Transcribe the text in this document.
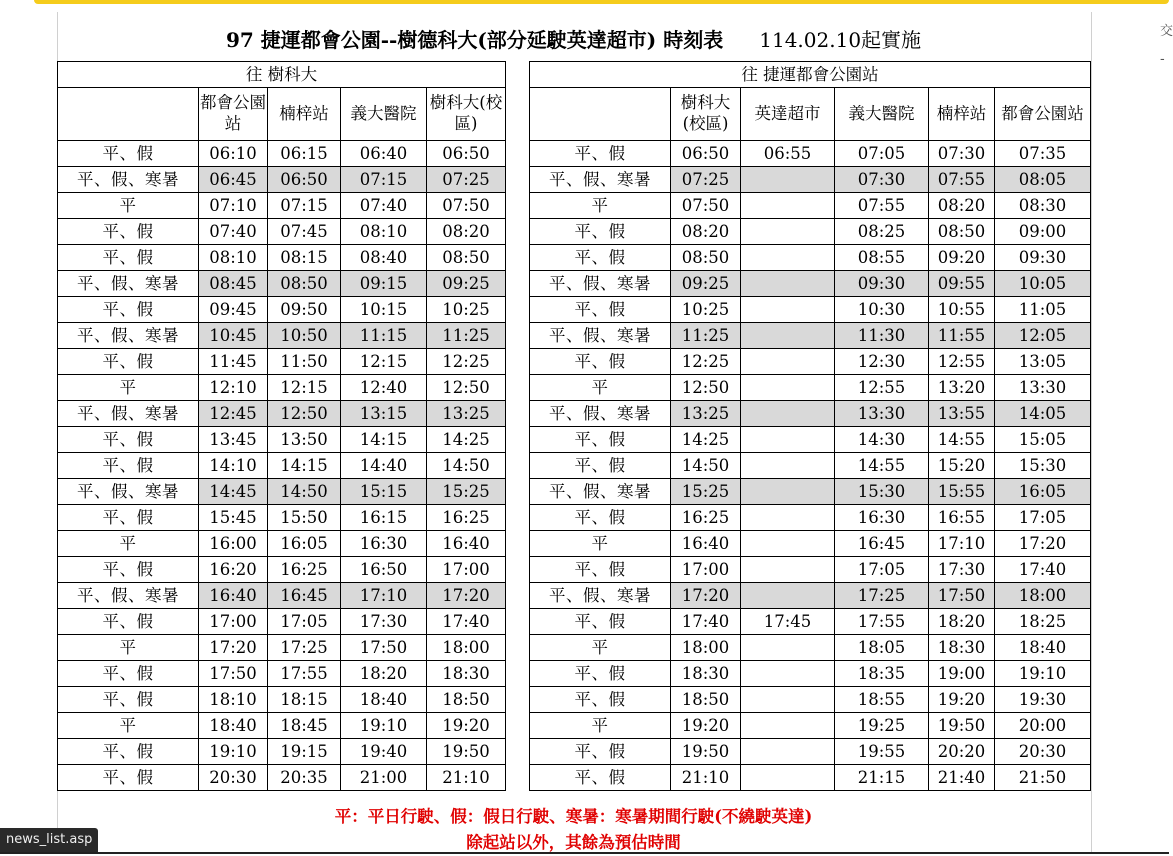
交
-
97 捷運都會公園--樹德科大(部分延駛英達超市) 時刻表 114.02.10起實施
往 樹科大						往 捷運都會公園站					
	都會公園站	楠梓站	義大醫院	樹科大(校區)			樹科大(校區)	英達超市	義大醫院	楠梓站	都會公園站
平、假	06:10	06:15	06:40	06:50		平、假	06:50	06:55	07:05	07:30	07:35
平、假、寒暑	06:45	06:50	07:15	07:25		平、假、寒暑	07:25		07:30	07:55	08:05
平	07:10	07:15	07:40	07:50		平	07:50		07:55	08:20	08:30
平、假	07:40	07:45	08:10	08:20		平、假	08:20		08:25	08:50	09:00
平、假	08:10	08:15	08:40	08:50		平、假	08:50		08:55	09:20	09:30
平、假、寒暑	08:45	08:50	09:15	09:25		平、假、寒暑	09:25		09:30	09:55	10:05
平、假	09:45	09:50	10:15	10:25		平、假	10:25		10:30	10:55	11:05
平、假、寒暑	10:45	10:50	11:15	11:25		平、假、寒暑	11:25		11:30	11:55	12:05
平、假	11:45	11:50	12:15	12:25		平、假	12:25		12:30	12:55	13:05
平	12:10	12:15	12:40	12:50		平	12:50		12:55	13:20	13:30
平、假、寒暑	12:45	12:50	13:15	13:25		平、假、寒暑	13:25		13:30	13:55	14:05
平、假	13:45	13:50	14:15	14:25		平、假	14:25		14:30	14:55	15:05
平、假	14:10	14:15	14:40	14:50		平、假	14:50		14:55	15:20	15:30
平、假、寒暑	14:45	14:50	15:15	15:25		平、假、寒暑	15:25		15:30	15:55	16:05
平、假	15:45	15:50	16:15	16:25		平、假	16:25		16:30	16:55	17:05
平	16:00	16:05	16:30	16:40		平	16:40		16:45	17:10	17:20
平、假	16:20	16:25	16:50	17:00		平、假	17:00		17:05	17:30	17:40
平、假、寒暑	16:40	16:45	17:10	17:20		平、假、寒暑	17:20		17:25	17:50	18:00
平、假	17:00	17:05	17:30	17:40		平、假	17:40	17:45	17:55	18:20	18:25
平	17:20	17:25	17:50	18:00		平	18:00		18:05	18:30	18:40
平、假	17:50	17:55	18:20	18:30		平、假	18:30		18:35	19:00	19:10
平、假	18:10	18:15	18:40	18:50		平、假	18:50		18:55	19:20	19:30
平	18:40	18:45	19:10	19:20		平	19:20		19:25	19:50	20:00
平、假	19:10	19:15	19:40	19:50		平、假	19:50		19:55	20:20	20:30
平、假	20:30	20:35	21:00	21:10		平、假	21:10		21:15	21:40	21:50
平：平日行駛、假：假日行駛、寒暑：寒暑期間行駛(不繞駛英達)
除起站以外，其餘為預估時間
news_list.asp
